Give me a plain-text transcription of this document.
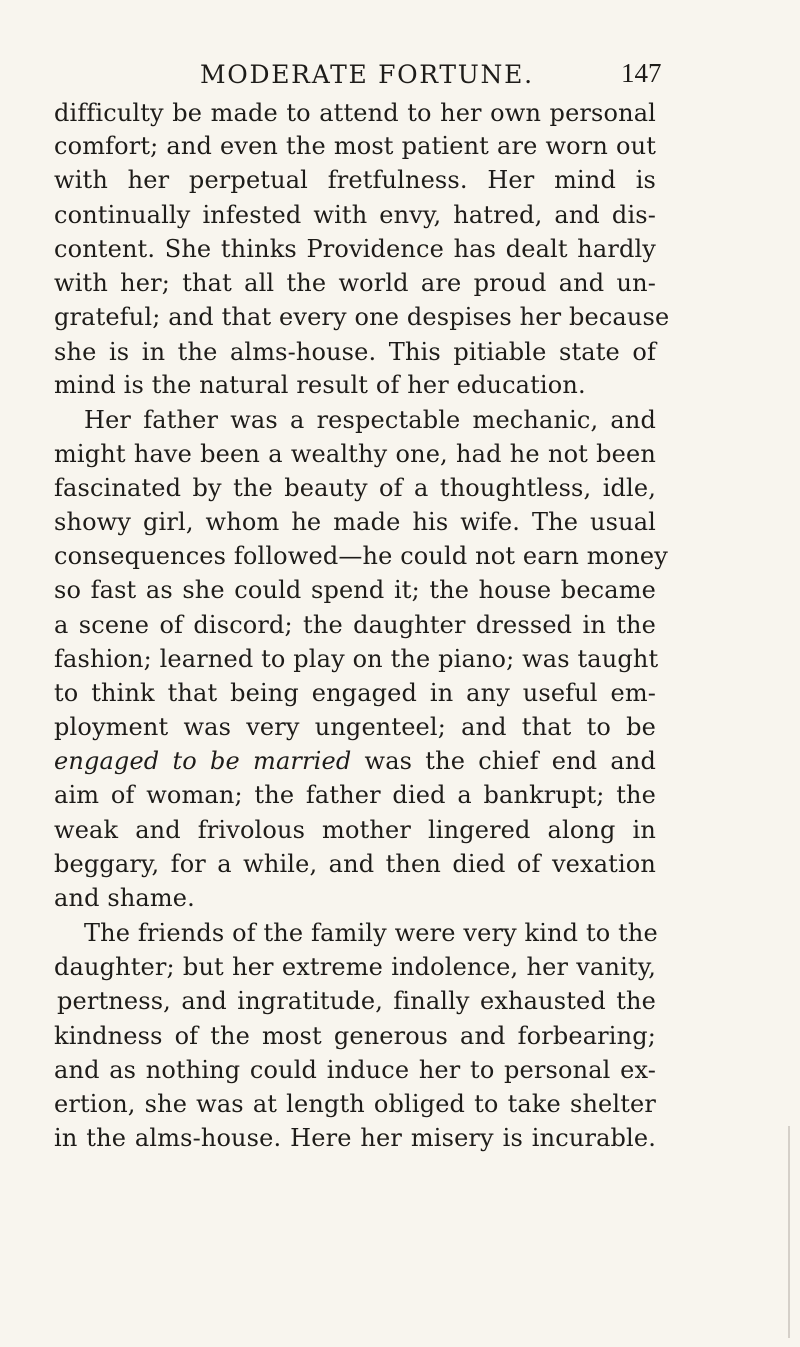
MODERATE FORTUNE.	147
difficulty be made to attend to her own personal
comfort; and even the most patient are worn out
with her perpetual fretfulness. Her mind is
continually infested with envy, hatred, and dis-
content. She thinks Providence has dealt hardly
with her; that all the world are proud and un-
grateful; and that every one despises her because
she is in the alms-house. This pitiable state of
mind is the natural result of her education.
Her father was a respectable mechanic, and
might have been a wealthy one, had he not been
fascinated by the beauty of a thoughtless, idle,
showy girl, whom he made his wife. The usual
consequences followed—he could not earn money
so fast as she could spend it; the house became
a scene of discord; the daughter dressed in the
fashion; learned to play on the piano; was taught
to think that being engaged in any useful em-
ployment was very ungenteel; and that to be
engaged to be married was the chief end and
aim of woman; the father died a bankrupt; the
weak and frivolous mother lingered along in
beggary, for a while, and then died of vexation
and shame.
The friends of the family were very kind to the
daughter; but her extreme indolence, her vanity,
pertness, and ingratitude, finally exhausted the
kindness of the most generous and forbearing;
and as nothing could induce her to personal ex-
ertion, she was at length obliged to take shelter
in the alms-house. Here her misery is incurable.
